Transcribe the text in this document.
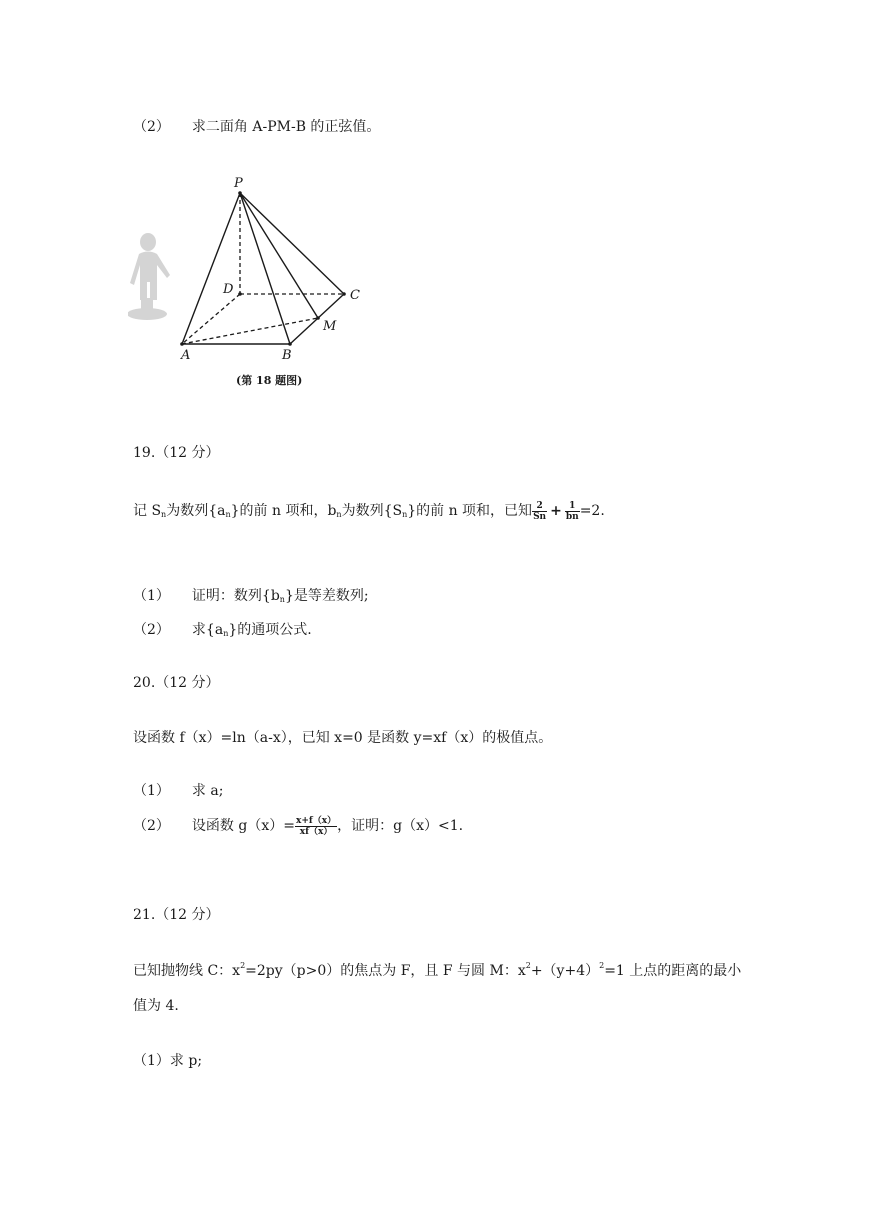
（2） 求二面角 A-PM-B 的正弦值。
P
D	C
M
A	B
(第 18 题图)
19.（12 分）
记 $S_n$为数列$\{a_n\}$的前 n 项和，$b_n$为数列$\{S_n\}$的前 n 项和，已知 $\frac{2}{Sn} + \frac{1}{bn} =2$.
（1） 证明：数列$\{b_n\}$是等差数列;
（2） 求$\{a_n\}$的通项公式.
20.（12 分）
设函数 f（x）=ln（a-x），已知 x=0 是函数 y=xf（x）的极值点。
（1） 求 a;
（2） 设函数 $g(x)= \frac{x+f(x)}{xf(x)}$ ，证明：g（x）<1.
21.（12 分）
已知抛物线 C：$x^2=2py(p>0)$的焦点为 F，且 F 与圆 M：$x^2+(y+4)^2=1$ 上点的距离的最小
值为 4.
（1）求 p;
